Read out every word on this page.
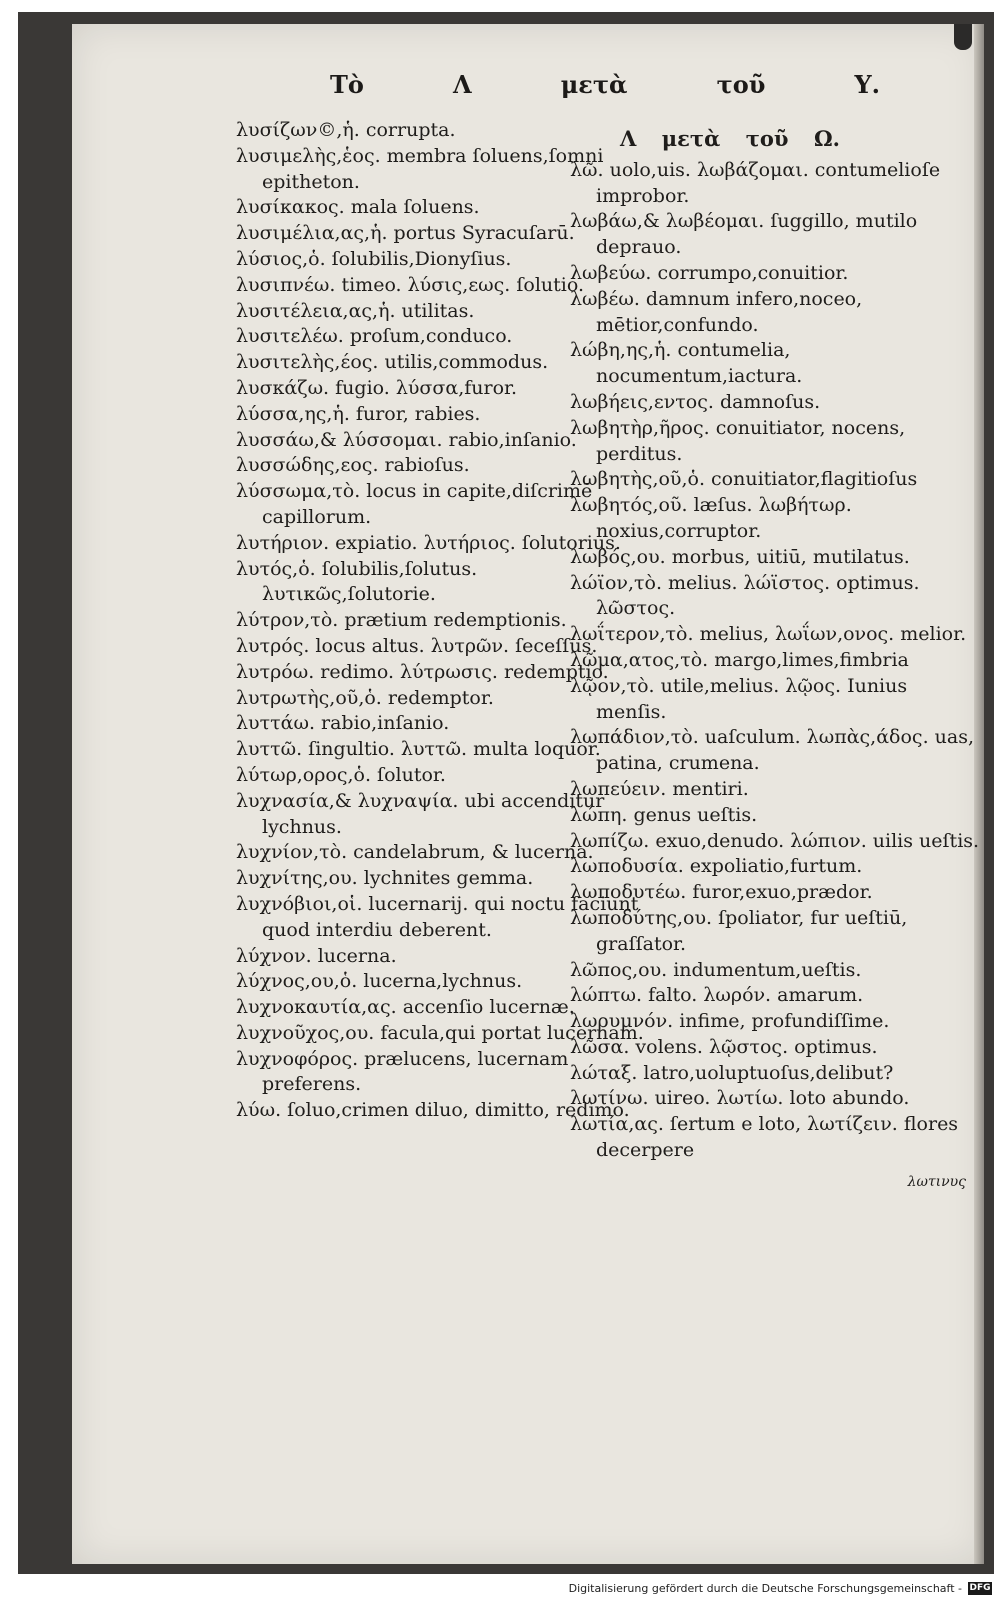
Τὸ	Λ	μετὰ	τοῦ	Υ.
λυσίζων©,ἡ. corrupta.
λυσιμελὴς,ἑος. membra ſoluens,ſomni epitheton.
λυσίκακος. mala ſoluens.
λυσιμέλια,ας,ἡ. portus Syracuſarū.
λύσιος,ὁ. ſolubilis,Dionyſius.
λυσιπνέω. timeo. λύσις,εως. ſolutio.
λυσιτέλεια,ας,ἡ. utilitas.
λυσιτελέω. proſum,conduco.
λυσιτελὴς,έος. utilis,commodus.
λυσκάζω. fugio. λύσσα,furor.
λύσσα,ης,ἡ. furor, rabies.
λυσσάω,& λύσσομαι. rabio,inſanio.
λυσσώδης,εος. rabioſus.
λύσσωμα,τὸ. locus in capite,diſcrimē capillorum.
λυτήριον. expiatio. λυτήριος. ſolutorius.
λυτός,ὁ. ſolubilis,ſolutus. λυτικῶς,ſolutorie.
λύτρον,τὸ. prætium redemptionis.
λυτρός. locus altus. λυτρῶν. ſeceſſus.
λυτρόω. redimo. λύτρωσις. redemptio.
λυτρωτὴς,οῦ,ὁ. redemptor.
λυττάω. rabio,inſanio.
λυττῶ. ſingultio. λυττῶ. multa loquor.
λύτωρ,ορος,ὁ. ſolutor.
λυχνασία,& λυχναψία. ubi accenditur lychnus.
λυχνίον,τὸ. candelabrum, & lucerna.
λυχνίτης,ου. lychnites gemma.
λυχνόβιοι,οἱ. lucernarij. qui noctu faciunt quod interdiu deberent.
λύχνον. lucerna.
λύχνος,ου,ὁ. lucerna,lychnus.
λυχνοκαυτία,ας. accenſio lucernæ.
λυχνοῦχος,ου. facula,qui portat lucernam.
λυχνοφόρος. prælucens, lucernam preferens.
λύω. ſoluo,crimen diluo, dimitto, redimo.
Λ μετὰ τοῦ Ω.
λῶ. uolo,uis. λωβάζομαι. contumelioſe improbor.
λωβάω,& λωβέομαι. ſuggillo, mutilo deprauo.
λωβεύω. corrumpo,conuitior.
λωβέω. damnum infero,noceo, mētior,confundo.
λώβη,ης,ἡ. contumelia, nocumentum,iactura.
λωβήεις,εντος. damnoſus.
λωβητὴρ,ῆρος. conuitiator, nocens, perditus.
λωβητὴς,οῦ,ὁ. conuitiator,flagitioſus
λωβητός,οῦ. læſus. λωβήτωρ. noxius,corruptor.
λωβός,ου. morbus, uitiū, mutilatus.
λώϊον,τὸ. melius. λώϊστος. optimus. λῶστος.
λωΐτερον,τὸ. melius, λωΐων,ονος. melior.
λῶμα,ατος,τὸ. margo,limes,fimbria
λῷον,τὸ. utile,melius. λῷος. Iunius menſis.
λωπάδιον,τὸ. uaſculum. λωπὰς,άδος. uas, patina, crumena.
λωπεύειν. mentiri.
λώπη. genus ueſtis.
λωπίζω. exuo,denudo. λώπιον. uilis ueſtis.
λωποδυσία. expoliatio,furtum.
λωποδυτέω. furor,exuo,prædor.
λωποδύτης,ου. ſpoliator, fur ueſtiū, graſſator.
λῶπος,ου. indumentum,ueſtis.
λώπτω. falto. λωρόν. amarum.
λωρυμνόν. infime, profundiſſime.
λῶσα. volens. λῷστος. optimus.
λώταξ. latro,uoluptuoſus,delibut?
λωτίνω. uireo. λωτίω. loto abundo.
λωτία,ας. ſertum e loto, λωτίζειν. flores decerpere
λωτινυς
Digitalisierung gefördert durch die Deutsche Forschungsgemeinschaft - DFG
